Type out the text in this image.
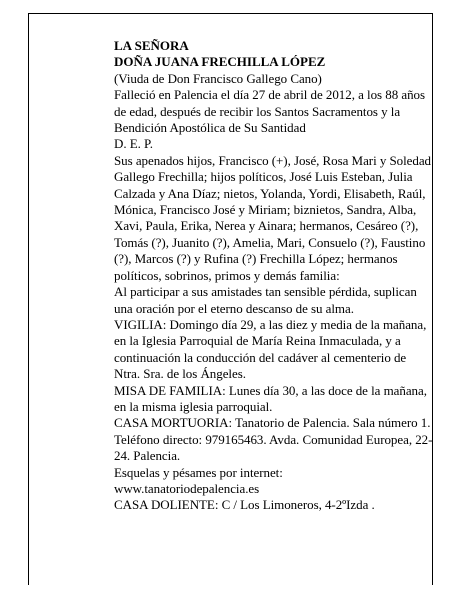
LA SEÑORA

DOÑA JUANA FRECHILLA LÓPEZ

(Viuda de Don Francisco Gallego Cano)

Falleció en Palencia el día 27 de abril de 2012, a los 88 años de edad, después de recibir los Santos Sacramentos y la Bendición Apostólica de Su Santidad

D. E. P.

Sus apenados hijos, Francisco (+), José, Rosa Mari y Soledad Gallego Frechilla; hijos políticos, José Luis Esteban, Julia Calzada y Ana Díaz; nietos, Yolanda, Yordi, Elisabeth, Raúl, Mónica, Francisco José y Miriam; biznietos, Sandra, Alba, Xavi, Paula, Erika, Nerea y Ainara; hermanos, Cesáreo (?), Tomás (?), Juanito (?), Amelia, Mari, Consuelo (?), Faustino (?), Marcos (?) y Rufina (?) Frechilla López; hermanos políticos, sobrinos, primos y demás familia:

Al participar a sus amistades tan sensible pérdida, suplican una oración por el eterno descanso de su alma.

VIGILIA: Domingo día 29, a las diez y media de la mañana, en la Iglesia Parroquial de María Reina Inmaculada, y a continuación la conducción del cadáver al cementerio de Ntra. Sra. de los Ángeles.

MISA DE FAMILIA: Lunes día 30, a las doce de la mañana, en la misma iglesia parroquial.

CASA MORTUORIA: Tanatorio de Palencia. Sala número 1. Teléfono directo: 979165463. Avda. Comunidad Europea, 22-24. Palencia.

Esquelas y pésames por internet:

www.tanatoriodepalencia.es

CASA DOLIENTE: C / Los Limoneros, 4-2ºIzda .
